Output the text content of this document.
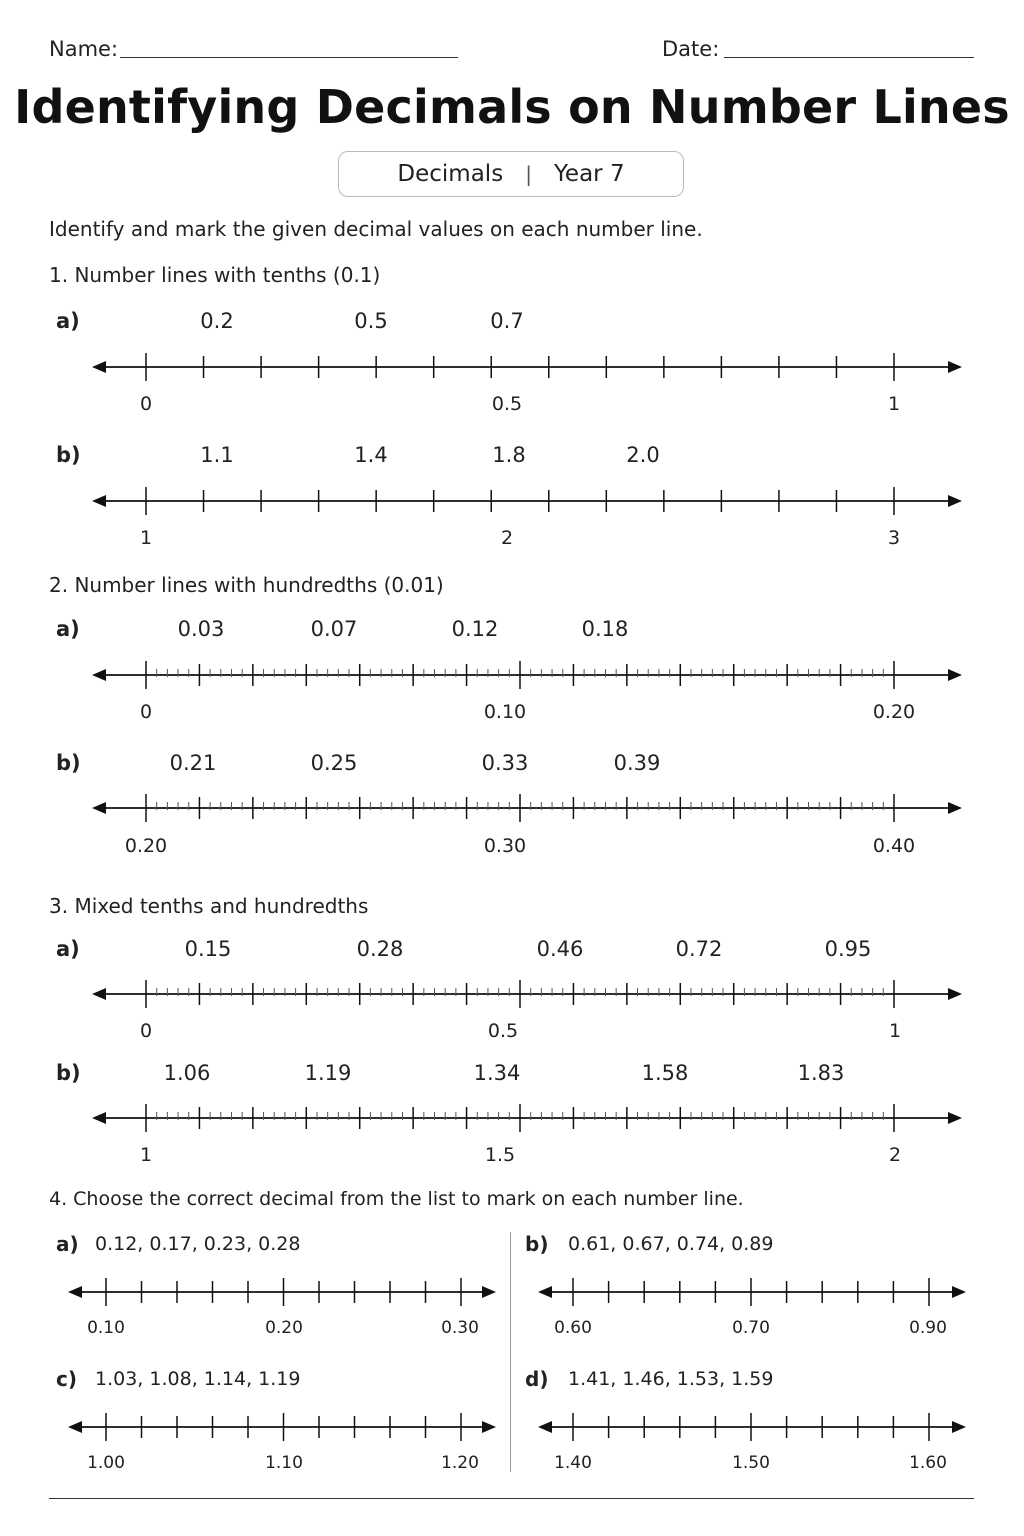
Name:	Date:
Identifying Decimals on Number Lines
Decimals | Year 7
Identify and mark the given decimal values on each number line.
1. Number lines with tenths (0.1)
a)	0.2	0.5	0.7
0	0.5	1
b)	1.1	1.4	1.8	2.0
1	2	3
2. Number lines with hundredths (0.01)
a)	0.03	0.07	0.12	0.18
0	0.10	0.20
b)	0.21	0.25	0.33	0.39
0.20	0.30	0.40
3. Mixed tenths and hundredths
a)	0.15	0.28	0.46	0.72	0.95
0	0.5	1
b)	1.06	1.19	1.34	1.58	1.83
1	1.5	2
4. Choose the correct decimal from the list to mark on each number line.
a) 0.12, 0.17, 0.23, 0.28
0.10	0.20	0.30
b) 0.61, 0.67, 0.74, 0.89
0.60	0.70	0.90
c) 1.03, 1.08, 1.14, 1.19
1.00	1.10	1.20
d) 1.41, 1.46, 1.53, 1.59
1.40	1.50	1.60
